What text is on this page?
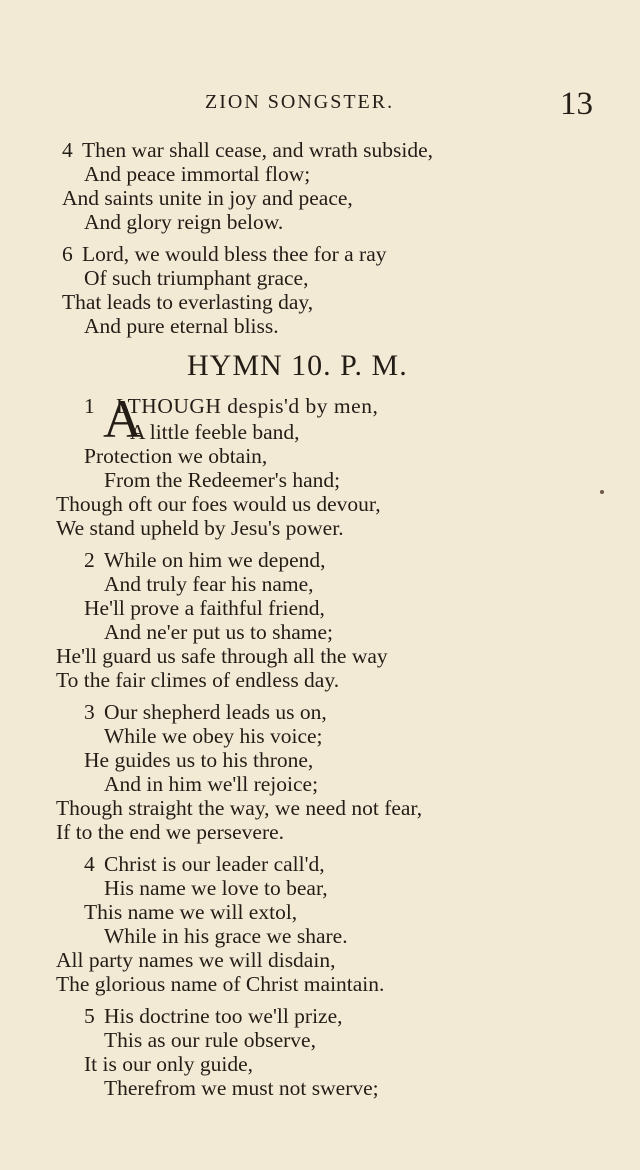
ZION SONGSTER.	13
4 Then war shall cease, and wrath subside,
And peace immortal flow;
And saints unite in joy and peace,
And glory reign below.
6 Lord, we would bless thee for a ray
Of such triumphant grace,
That leads to everlasting day,
And pure eternal bliss.
HYMN 10. P. M.
1 A
LTHOUGH despis'd by men,
A little feeble band,
Protection we obtain,
From the Redeemer's hand;
Though oft our foes would us devour,
We stand upheld by Jesu's power.
2 While on him we depend,
And truly fear his name,
He'll prove a faithful friend,
And ne'er put us to shame;
He'll guard us safe through all the way
To the fair climes of endless day.
3 Our shepherd leads us on,
While we obey his voice;
He guides us to his throne,
And in him we'll rejoice;
Though straight the way, we need not fear,
If to the end we persevere.
4 Christ is our leader call'd,
His name we love to bear,
This name we will extol,
While in his grace we share.
All party names we will disdain,
The glorious name of Christ maintain.
5 His doctrine too we'll prize,
This as our rule observe,
It is our only guide,
Therefrom we must not swerve;
